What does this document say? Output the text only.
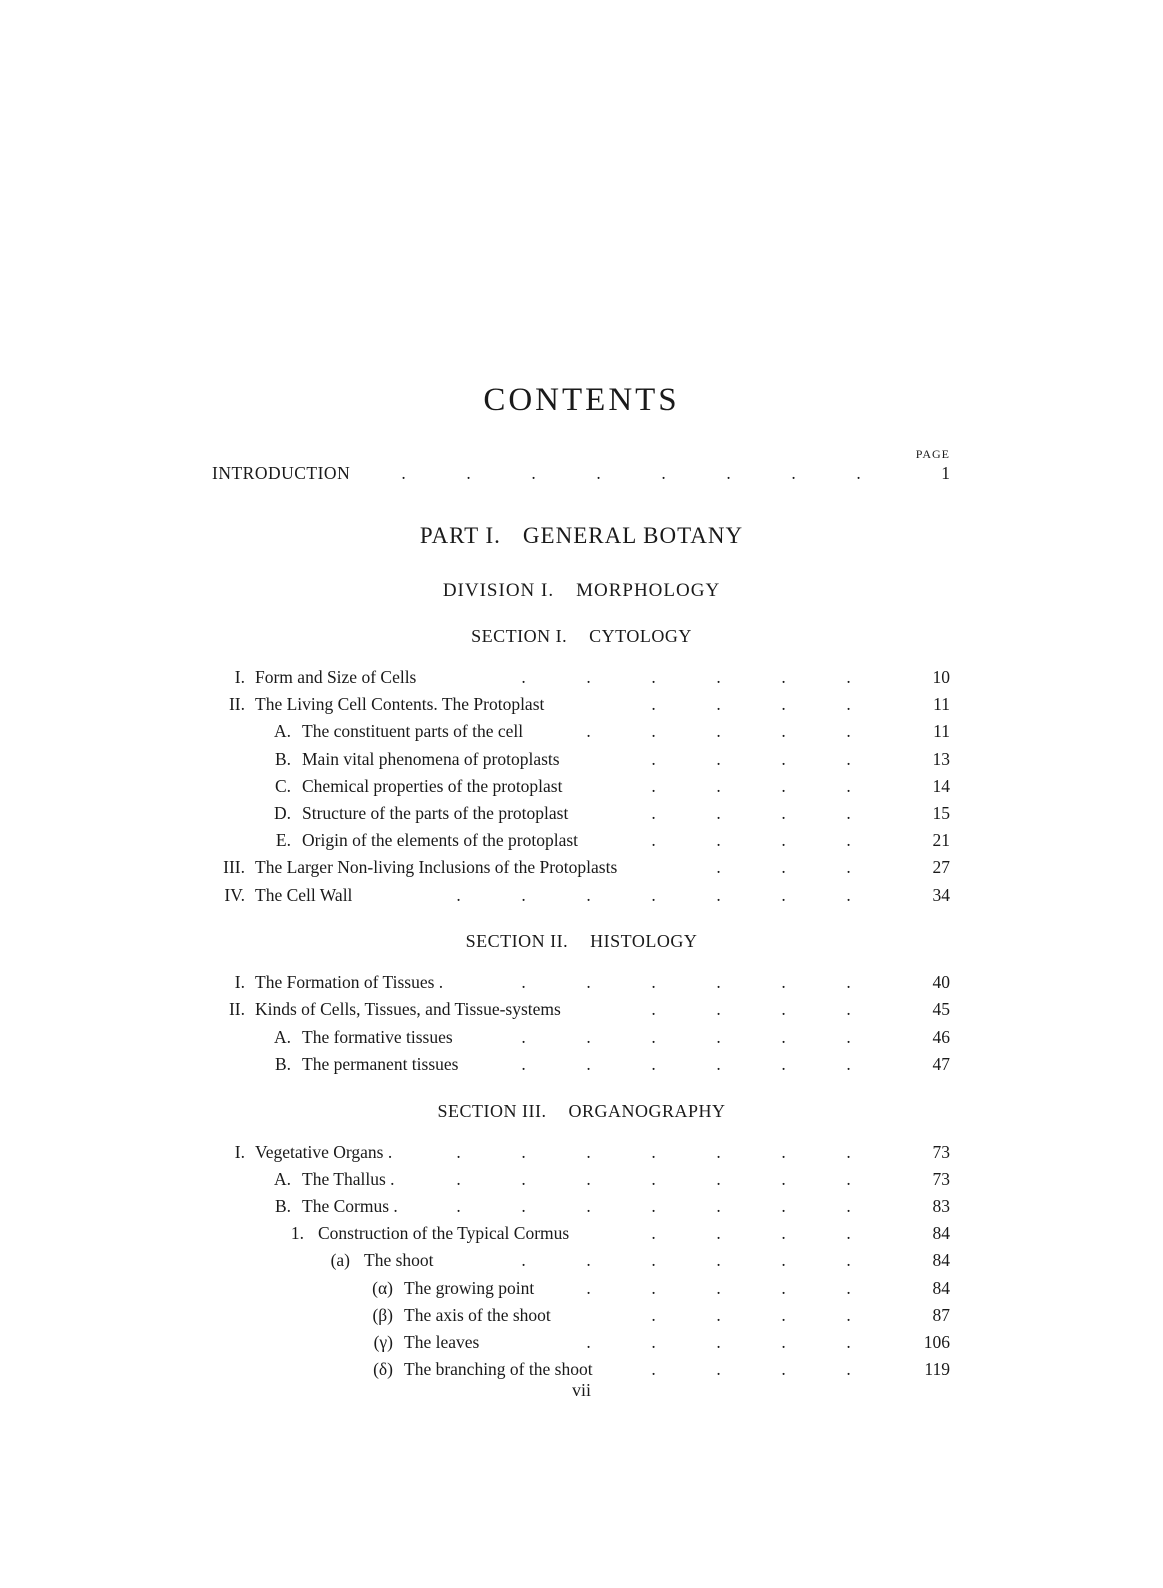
CONTENTS
PAGE
INTRODUCTION	.	.	.	.	.	.	.	.	1
PART I. GENERAL BOTANY
DIVISION I. MORPHOLOGY
SECTION I. CYTOLOGY
I. Form and Size of Cells	.	.	.	.	.	.	10
II. The Living Cell Contents. The Protoplast	.	.	.	.	11
A. The constituent parts of the cell	.	.	.	.	.	11
B. Main vital phenomena of protoplasts	.	.	.	.	13
C. Chemical properties of the protoplast	.	.	.	.	14
D. Structure of the parts of the protoplast	.	.	.	.	15
E. Origin of the elements of the protoplast	.	.	.	.	21
III. The Larger Non-living Inclusions of the Protoplasts	.	.	.	27
IV. The Cell Wall	.	.	.	.	.	.	.	34
SECTION II. HISTOLOGY
I. The Formation of Tissues .	.	.	.	.	.	.	40
II. Kinds of Cells, Tissues, and Tissue-systems	.	.	.	.	45
A. The formative tissues	.	.	.	.	.	.	46
B. The permanent tissues	.	.	.	.	.	.	47
SECTION III. ORGANOGRAPHY
I. Vegetative Organs .	.	.	.	.	.	.	.	73
A. The Thallus .	.	.	.	.	.	.	.	73
B. The Cormus .	.	.	.	.	.	.	.	83
1. Construction of the Typical Cormus	.	.	.	.	84
(a) The shoot	.	.	.	.	.	.	84
(α) The growing point	.	.	.	.	.	84
(β) The axis of the shoot	.	.	.	.	87
(γ) The leaves	.	.	.	.	.	106
(δ) The branching of the shoot	.	.	.	.	119
vii
